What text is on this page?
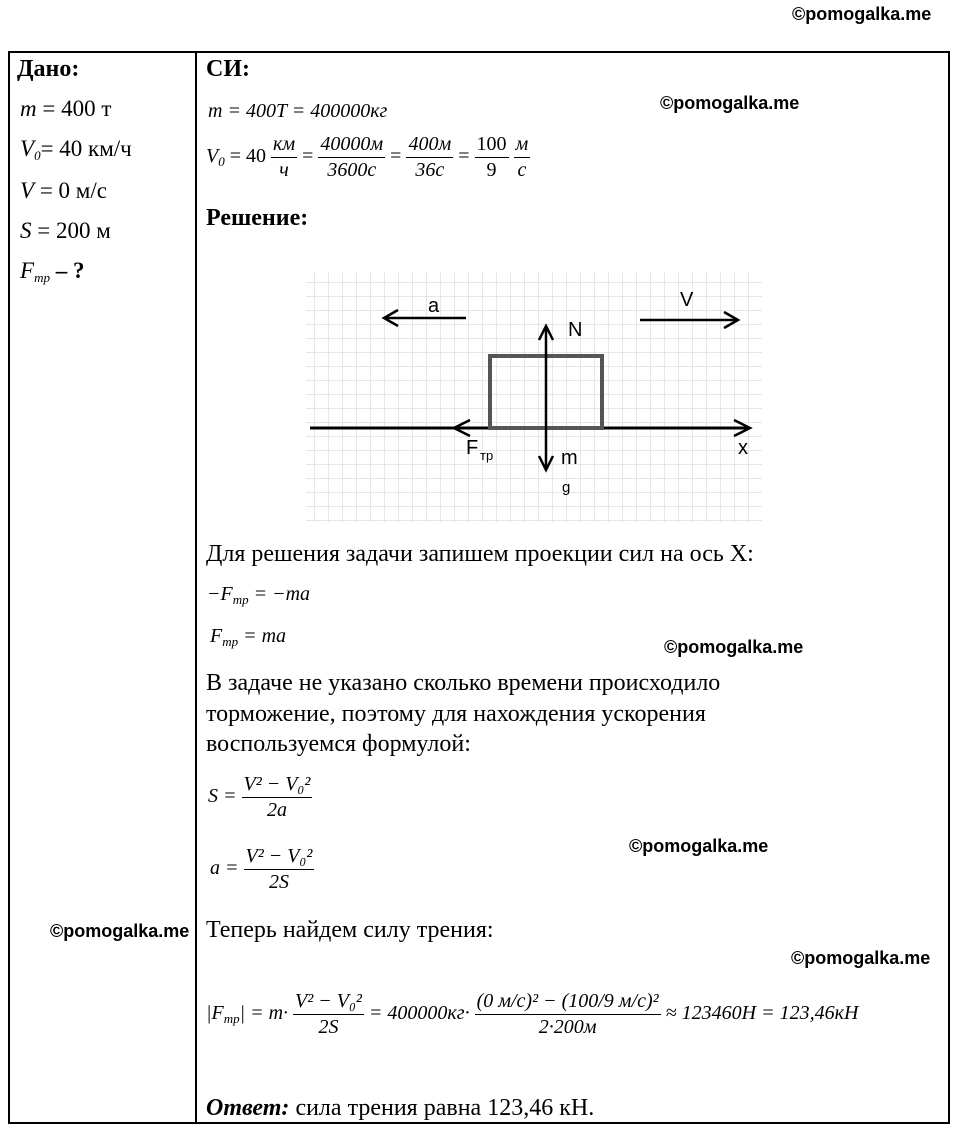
©pomogalka.me
©pomogalka.me
©pomogalka.me
©pomogalka.me
©pomogalka.me
©pomogalka.me
Дано:
m = 400 т
$V_0= 40$ км/ч
V = 0 м/с
S = 200 м
$F_{тр}$ – ?
СИ:
m = 400T = 400000кг
$V_0 = 40 \frac{км}{ч} = \frac{40000м}{3600с} = \frac{400м}{36с} = \frac{100}{9}$
$\frac{м}{с}$
Решение:
a	V
N
F тр	m
g
x
Для решения задачи запишем проекции сил на ось X:
$-F_{тр} = -ma$
$F_{тр}$ = ma
В задаче не указано сколько времени происходило
торможение, поэтому для нахождения ускорения
воспользуемся формулой:
$S = \frac{\text{V² − V₀²}}{2a}$
$a = \frac{\text{V² − V₀²}}{2S}$
Теперь найдем силу трения:
$|F_{тр}| = m\cdot \frac{\text{V² − V₀²}}{2S} = 400000кг\cdot \frac{\text{(0 м/с)² − (100/9 м/с)²}}{2\cdot 200м} \approx 123460H = 123,46кH$
Ответ: сила трения равна 123,46 кН.
